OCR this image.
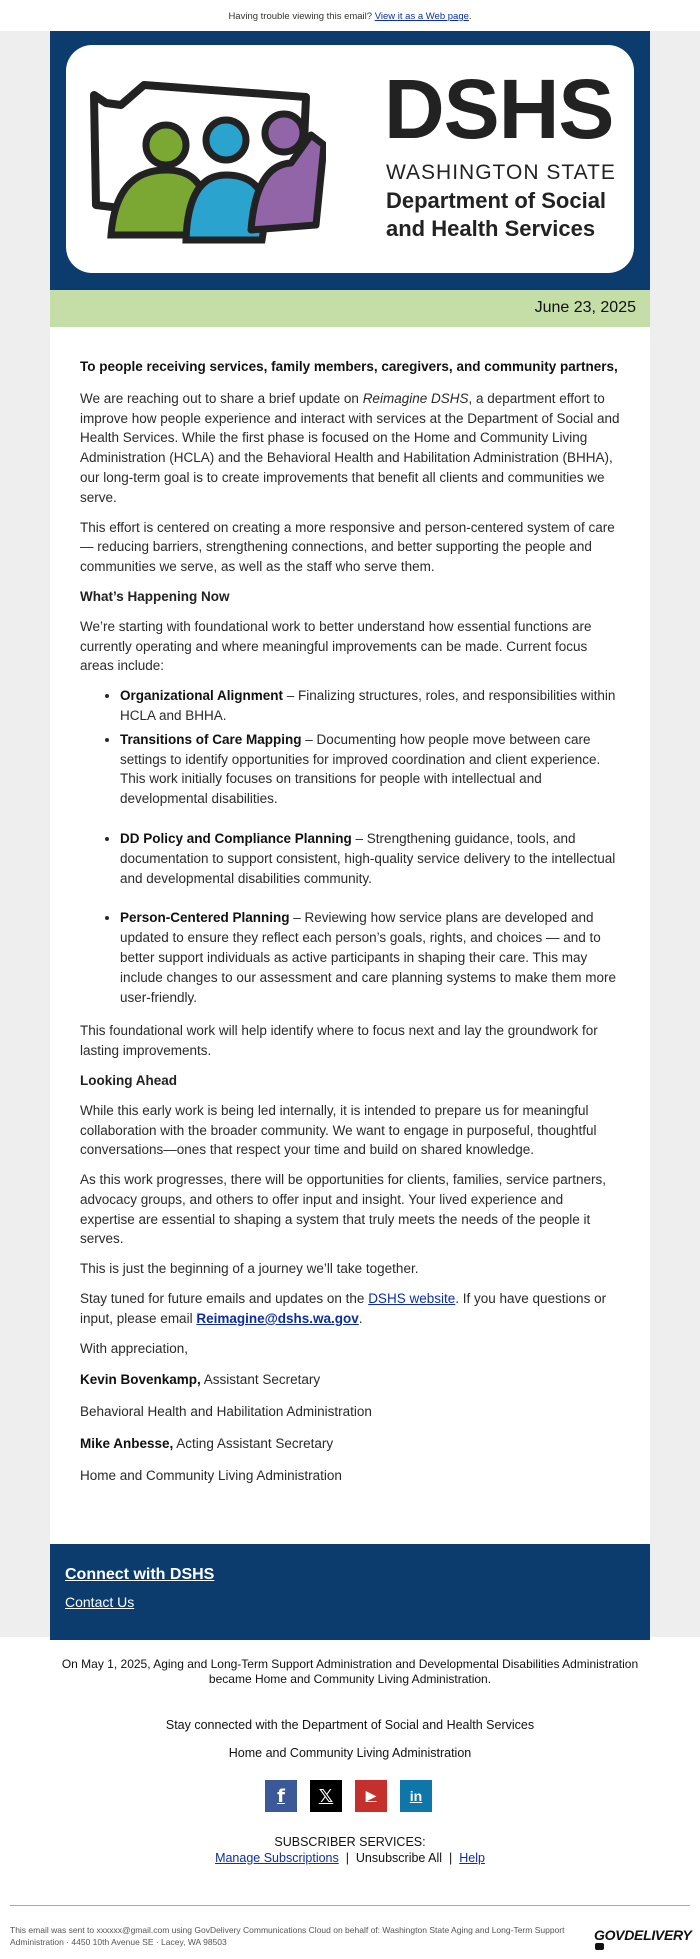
Having trouble viewing this email? View it as a Web page.
DSHS
WASHINGTON STATE
Department of Social
and Health Services
June 23, 2025

To people receiving services, family members, caregivers, and community partners,

We are reaching out to share a brief update on Reimagine DSHS, a department effort to improve how people experience and interact with services at the Department of Social and Health Services. While the first phase is focused on the Home and Community Living Administration (HCLA) and the Behavioral Health and Habilitation Administration (BHHA), our long-term goal is to create improvements that benefit all clients and communities we serve.

This effort is centered on creating a more responsive and person-centered system of care — reducing barriers, strengthening connections, and better supporting the people and communities we serve, as well as the staff who serve them.

What’s Happening Now

We’re starting with foundational work to better understand how essential functions are currently operating and where meaningful improvements can be made. Current focus areas include:

• Organizational Alignment – Finalizing structures, roles, and responsibilities within HCLA and BHHA.
• Transitions of Care Mapping – Documenting how people move between care settings to identify opportunities for improved coordination and client experience. This work initially focuses on transitions for people with intellectual and developmental disabilities.
• DD Policy and Compliance Planning – Strengthening guidance, tools, and documentation to support consistent, high-quality service delivery to the intellectual and developmental disabilities community.
• Person-Centered Planning – Reviewing how service plans are developed and updated to ensure they reflect each person’s goals, rights, and choices — and to better support individuals as active participants in shaping their care. This may include changes to our assessment and care planning systems to make them more user-friendly.

This foundational work will help identify where to focus next and lay the groundwork for lasting improvements.

Looking Ahead

While this early work is being led internally, it is intended to prepare us for meaningful collaboration with the broader community. We want to engage in purposeful, thoughtful conversations—ones that respect your time and build on shared knowledge.

As this work progresses, there will be opportunities for clients, families, service partners, advocacy groups, and others to offer input and insight. Your lived experience and expertise are essential to shaping a system that truly meets the needs of the people it serves.

This is just the beginning of a journey we’ll take together.

Stay tuned for future emails and updates on the DSHS website. If you have questions or input, please email Reimagine@dshs.wa.gov.

With appreciation,

Kevin Bovenkamp, Assistant Secretary

Behavioral Health and Habilitation Administration

Mike Anbesse, Acting Assistant Secretary

Home and Community Living Administration

Connect with DSHS
Contact Us
On May 1, 2025, Aging and Long-Term Support Administration and Developmental Disabilities Administration became Home and Community Living Administration.
Stay connected with the Department of Social and Health Services
Home and Community Living Administration
f	𝕏	▶	in
SUBSCRIBER SERVICES:
Manage Subscriptions | Unsubscribe All | Help
This email was sent to xxxxxx@gmail.com using GovDelivery Communications Cloud on behalf of: Washington State Aging and Long-Term Support Administration · 4450 10th Avenue SE · Lacey, WA 98503	GOVDELIVERY
